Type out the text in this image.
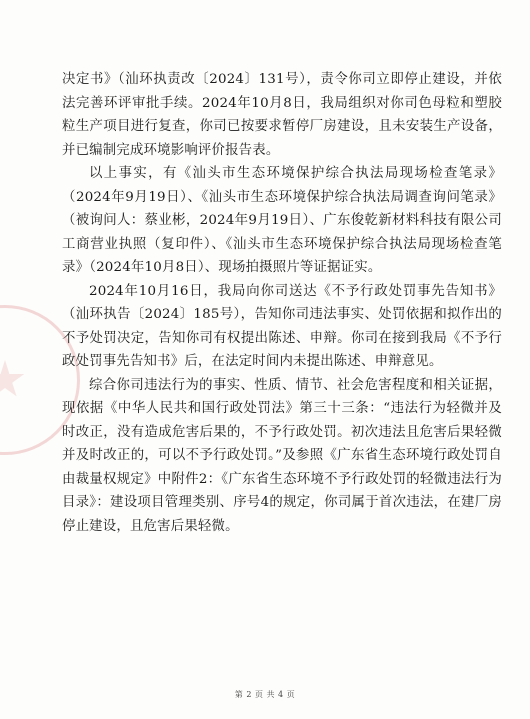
决定书》（汕环执责改〔2024〕131号），责令你司立即停止建设，并依法完善环评审批手续。2024年10月8日，我局组织对你司色母粒和塑胶粒生产项目进行复查，你司已按要求暂停厂房建设，且未安装生产设备，并已编制完成环境影响评价报告表。

以上事实，有《汕头市生态环境保护综合执法局现场检查笔录》（2024年9月19日）、《汕头市生态环境保护综合执法局调查询问笔录》（被询问人：蔡业彬，2024年9月19日）、广东俊乾新材料科技有限公司工商营业执照（复印件）、《汕头市生态环境保护综合执法局现场检查笔录》（2024年10月8日）、现场拍摄照片等证据证实。

2024年10月16日，我局向你司送达《不予行政处罚事先告知书》（汕环执告〔2024〕185号），告知你司违法事实、处罚依据和拟作出的不予处罚决定，告知你司有权提出陈述、申辩。你司在接到我局《不予行政处罚事先告知书》后，在法定时间内未提出陈述、申辩意见。

综合你司违法行为的事实、性质、情节、社会危害程度和相关证据，现依据《中华人民共和国行政处罚法》第三十三条：“违法行为轻微并及时改正，没有造成危害后果的，不予行政处罚。初次违法且危害后果轻微并及时改正的，可以不予行政处罚。”及参照《广东省生态环境行政处罚自由裁量权规定》中附件2：《广东省生态环境不予行政处罚的轻微违法行为目录》：建设项目管理类别、序号4的规定，你司属于首次违法，在建厂房停止建设，且危害后果轻微。

第 2 页 共 4 页
